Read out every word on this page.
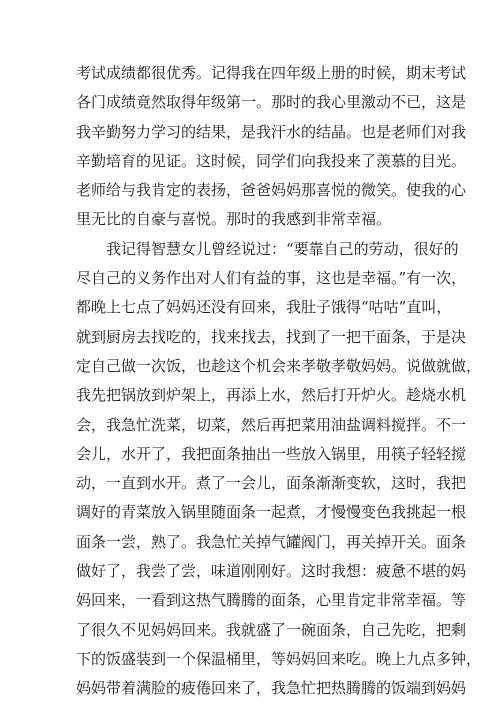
考试成绩都很优秀。记得我在四年级上册的时候，期末考试
各门成绩竟然取得年级第一。那时的我心里激动不已，这是
我辛勤努力学习的结果，是我汗水的结晶。也是老师们对我
辛勤培育的见证。这时候，同学们向我投来了羡慕的目光。
老师给与我肯定的表扬，爸爸妈妈那喜悦的微笑。使我的心
里无比的自豪与喜悦。那时的我感到非常幸福。
我记得智慧女儿曾经说过：“要靠自己的劳动，很好的
尽自己的义务作出对人们有益的事，这也是幸福。”有一次，
都晚上七点了妈妈还没有回来，我肚子饿得“咕咕”直叫，
就到厨房去找吃的，找来找去，找到了一把干面条，于是决
定自己做一次饭，也趁这个机会来孝敬孝敬妈妈。说做就做，
我先把锅放到炉架上，再添上水，然后打开炉火。趁烧水机
会，我急忙洗菜，切菜，然后再把菜用油盐调料搅拌。不一
会儿，水开了，我把面条抽出一些放入锅里，用筷子轻轻搅
动，一直到水开。煮了一会儿，面条渐渐变软，这时，我把
调好的青菜放入锅里随面条一起煮，才慢慢变色我挑起一根
面条一尝，熟了。我急忙关掉气罐阀门，再关掉开关。面条
做好了，我尝了尝，味道刚刚好。这时我想：疲惫不堪的妈
妈回来，一看到这热气腾腾的面条，心里肯定非常幸福。等
了很久不见妈妈回来。我就盛了一碗面条，自己先吃，把剩
下的饭盛装到一个保温桶里，等妈妈回来吃。晚上九点多钟，
妈妈带着满脸的疲倦回来了，我急忙把热腾腾的饭端到妈妈
